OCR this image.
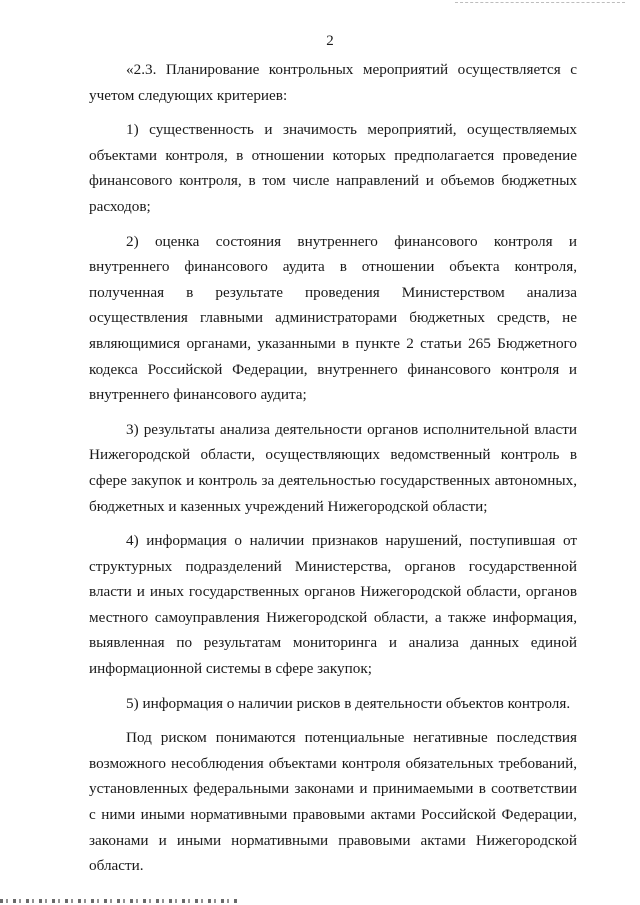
2

«2.3. Планирование контрольных мероприятий осуществляется с учетом следующих критериев:

1) существенность и значимость мероприятий, осуществляемых объектами контроля, в отношении которых предполагается проведение финансового контроля, в том числе направлений и объемов бюджетных расходов;

2) оценка состояния внутреннего финансового контроля и внутреннего финансового аудита в отношении объекта контроля, полученная в результате проведения Министерством анализа осуществления главными администраторами бюджетных средств, не являющимися органами, указанными в пункте 2 статьи 265 Бюджетного кодекса Российской Федерации, внутреннего финансового контроля и внутреннего финансового аудита;

3) результаты анализа деятельности органов исполнительной власти Нижегородской области, осуществляющих ведомственный контроль в сфере закупок и контроль за деятельностью государственных автономных, бюджетных и казенных учреждений Нижегородской области;

4) информация о наличии признаков нарушений, поступившая от структурных подразделений Министерства, органов государственной власти и иных государственных органов Нижегородской области, органов местного самоуправления Нижегородской области, а также информация, выявленная по результатам мониторинга и анализа данных единой информационной системы в сфере закупок;

5) информация о наличии рисков в деятельности объектов контроля.

Под риском понимаются потенциальные негативные последствия возможного несоблюдения объектами контроля обязательных требований, установленных федеральными законами и принимаемыми в соответствии с ними иными нормативными правовыми актами Российской Федерации, законами и иными нормативными правовыми актами Нижегородской области.
